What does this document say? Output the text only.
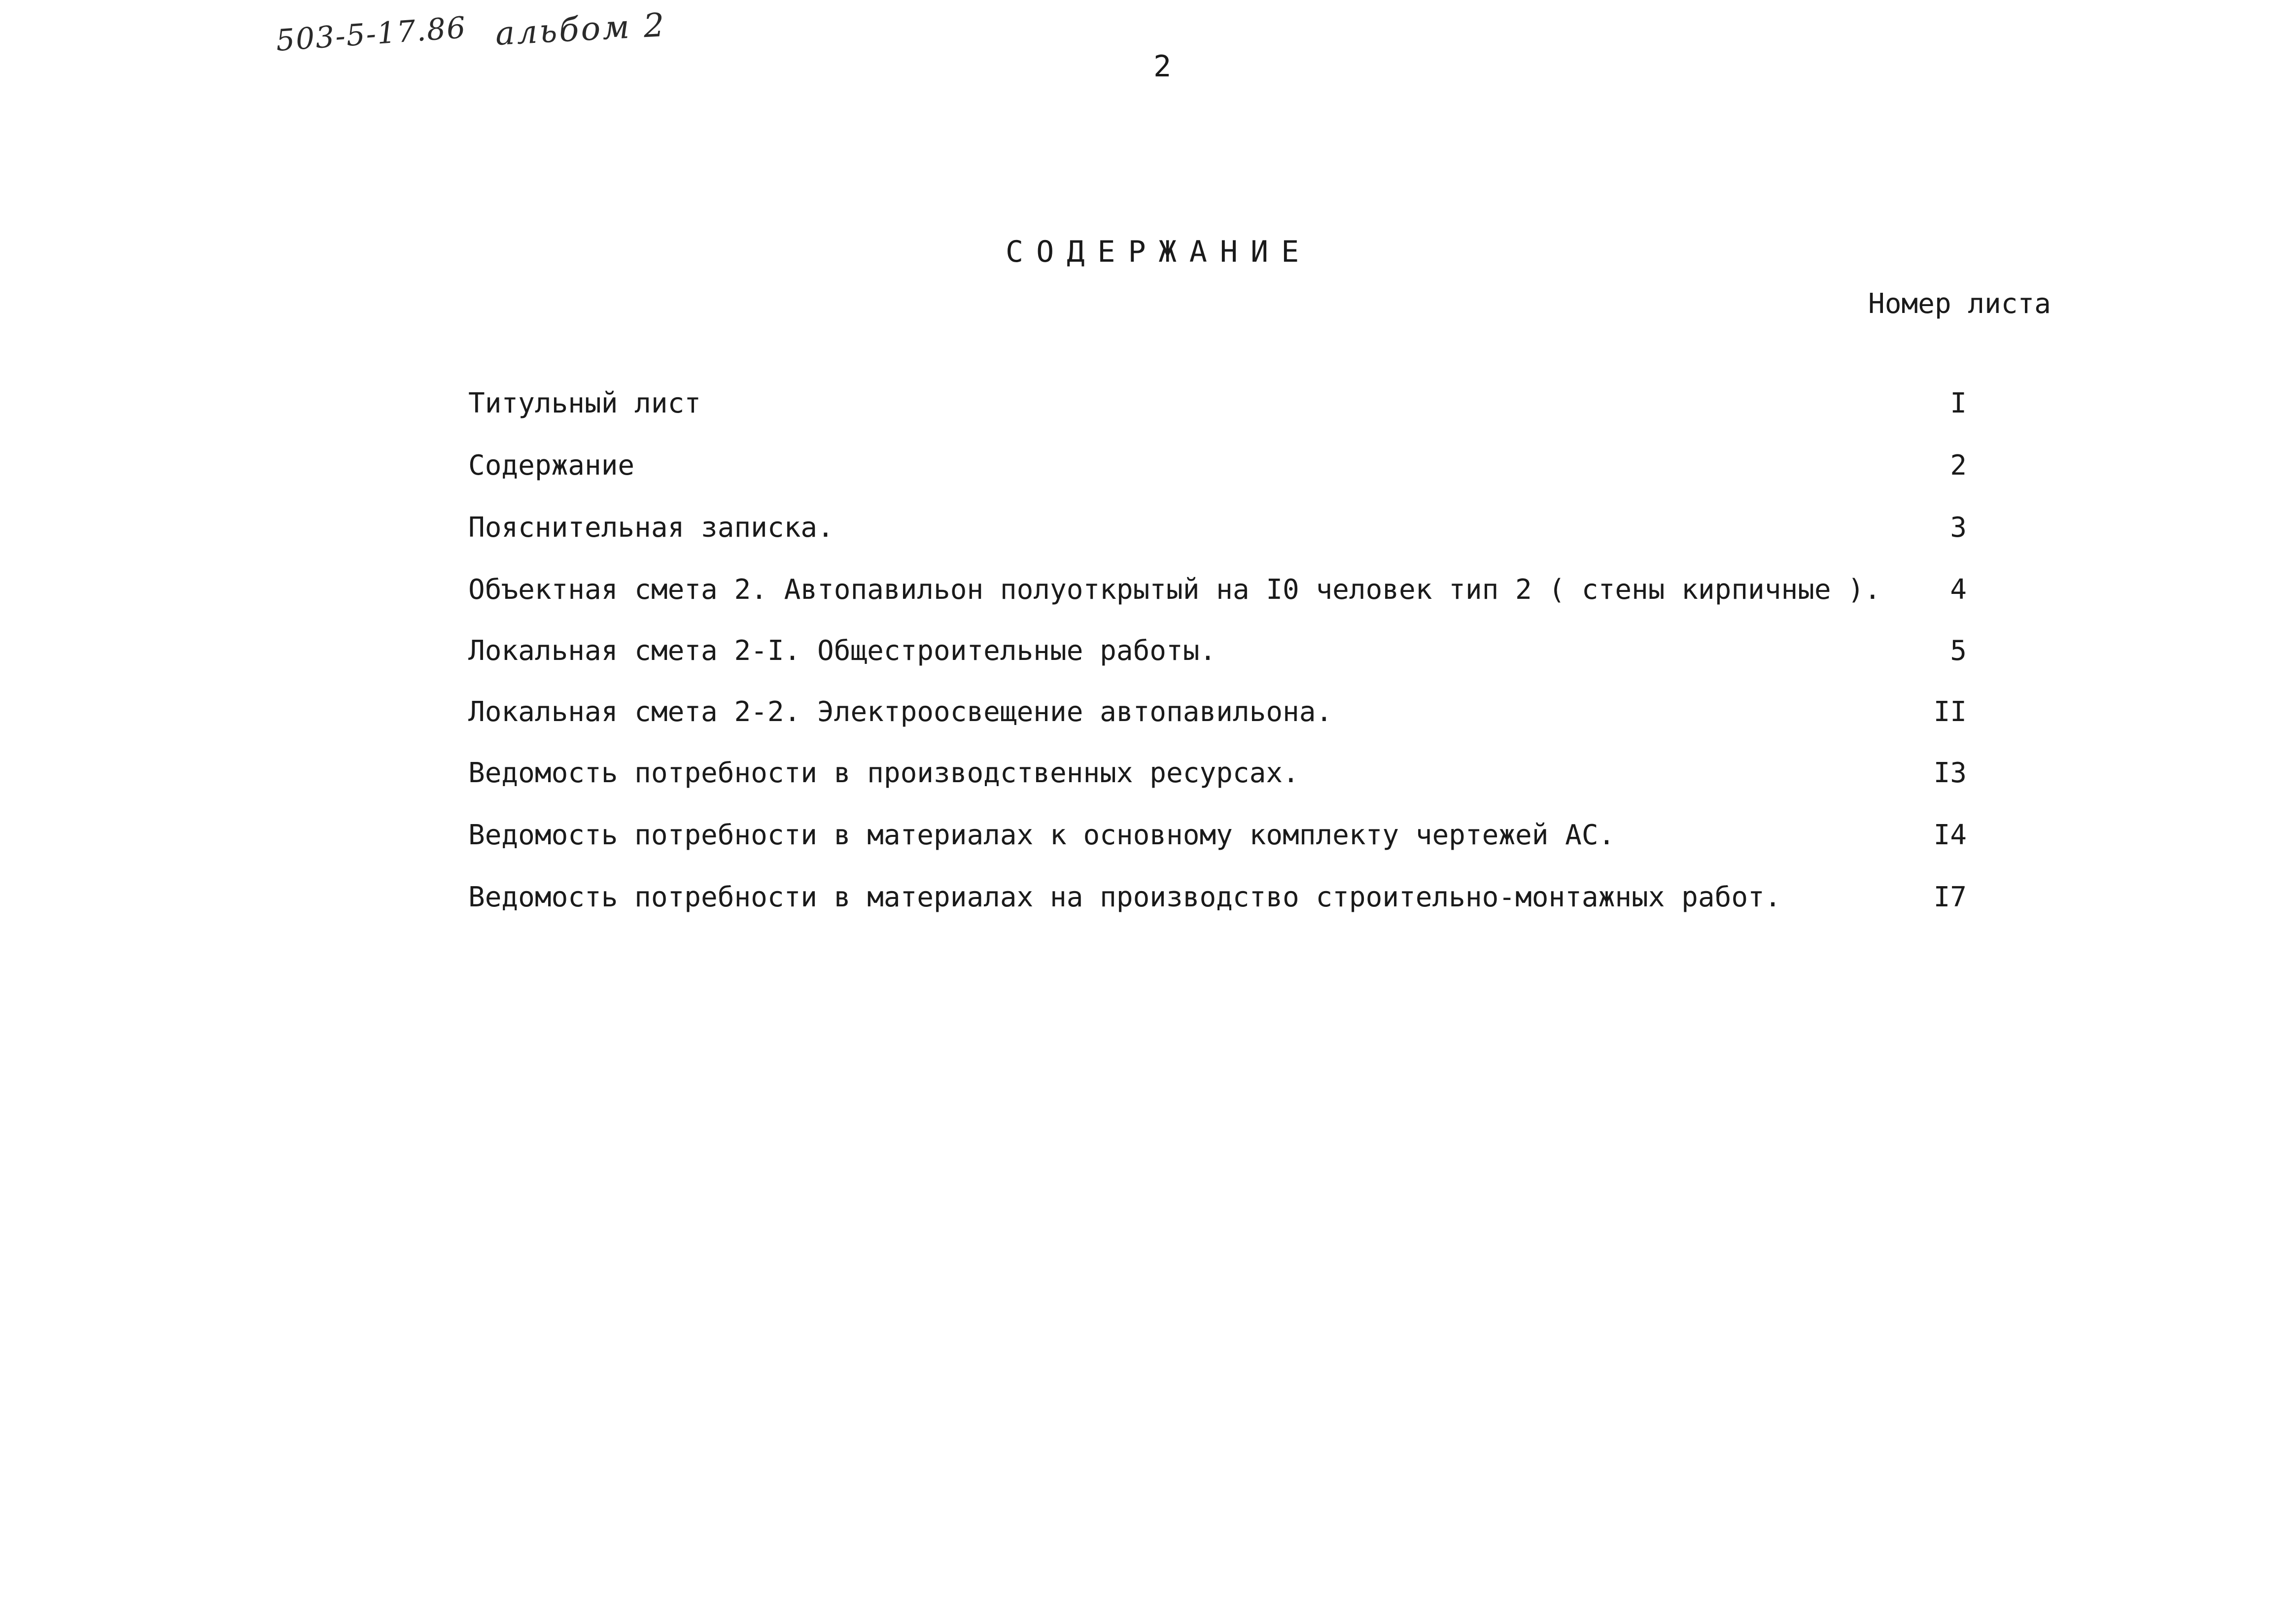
503-5-17.86 альбом 2
2
СОДЕРЖАНИЕ
Номер листа
Титульный лист	I
Содержание	2
Пояснительная записка.	3
Объектная смета 2. Автопавильон полуоткрытый на I0 человек тип 2 ( стены кирпичные ).	4
Локальная смета 2-I. Общестроительные работы.	5
Локальная смета 2-2. Электроосвещение автопавильона.	II
Ведомость потребности в производственных ресурсах.	I3
Ведомость потребности в материалах к основному комплекту чертежей АС.	I4
Ведомость потребности в материалах на производство строительно-монтажных работ.	I7
